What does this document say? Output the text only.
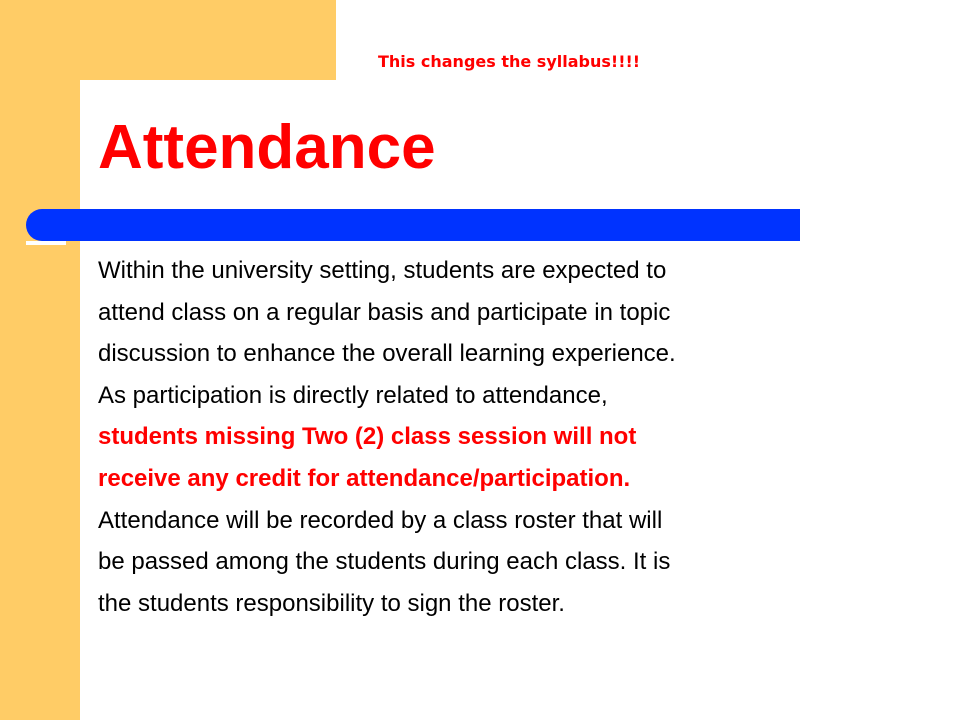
This changes the syllabus!!!!

Attendance
Within the university setting, students are expected to
attend class on a regular basis and participate in topic
discussion to enhance the overall learning experience.
As participation is directly related to attendance,
students missing Two (2) class session will not
receive any credit for attendance/participation.
Attendance will be recorded by a class roster that will
be passed among the students during each class. It is
the students responsibility to sign the roster.
